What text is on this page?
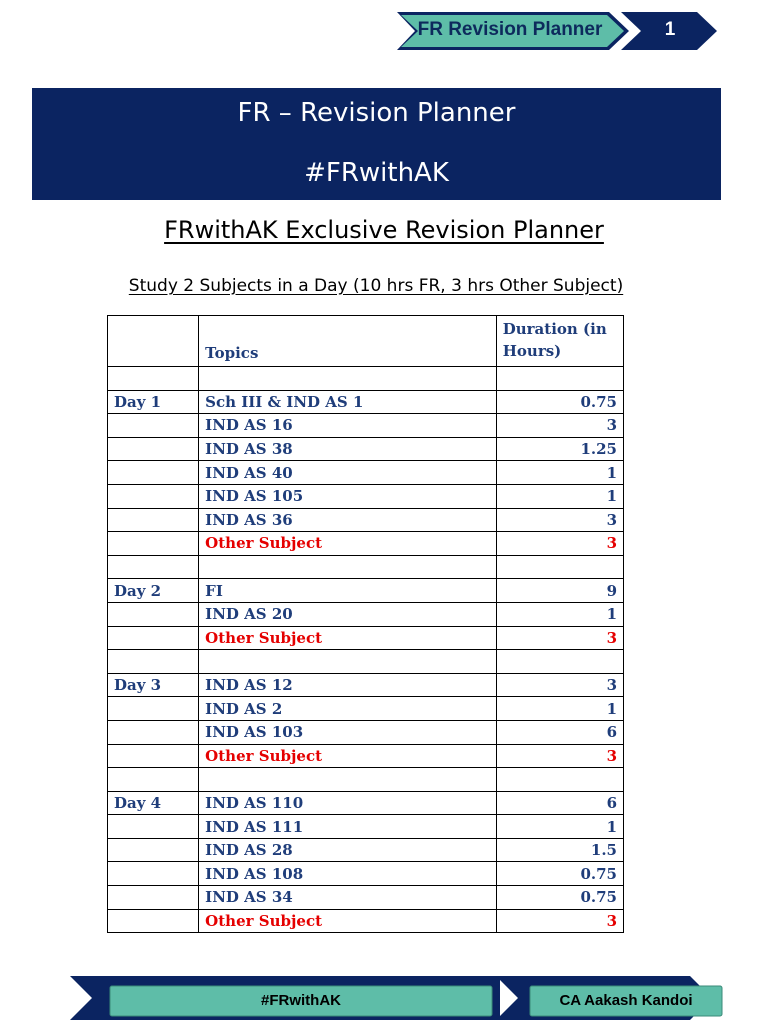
FR Revision Planner	1
FR – Revision Planner
#FRwithAK
FRwithAK Exclusive Revision Planner
Study 2 Subjects in a Day (10 hrs FR, 3 hrs Other Subject)
	Topics	Duration (in Hours)

Day 1	Sch III & IND AS 1	0.75
	IND AS 16	3
	IND AS 38	1.25
	IND AS 40	1
	IND AS 105	1
	IND AS 36	3
	Other Subject	3

Day 2	FI	9
	IND AS 20	1
	Other Subject	3

Day 3	IND AS 12	3
	IND AS 2	1
	IND AS 103	6
	Other Subject	3

Day 4	IND AS 110	6
	IND AS 111	1
	IND AS 28	1.5
	IND AS 108	0.75
	IND AS 34	0.75
	Other Subject	3
#FRwithAK	CA Aakash Kandoi
